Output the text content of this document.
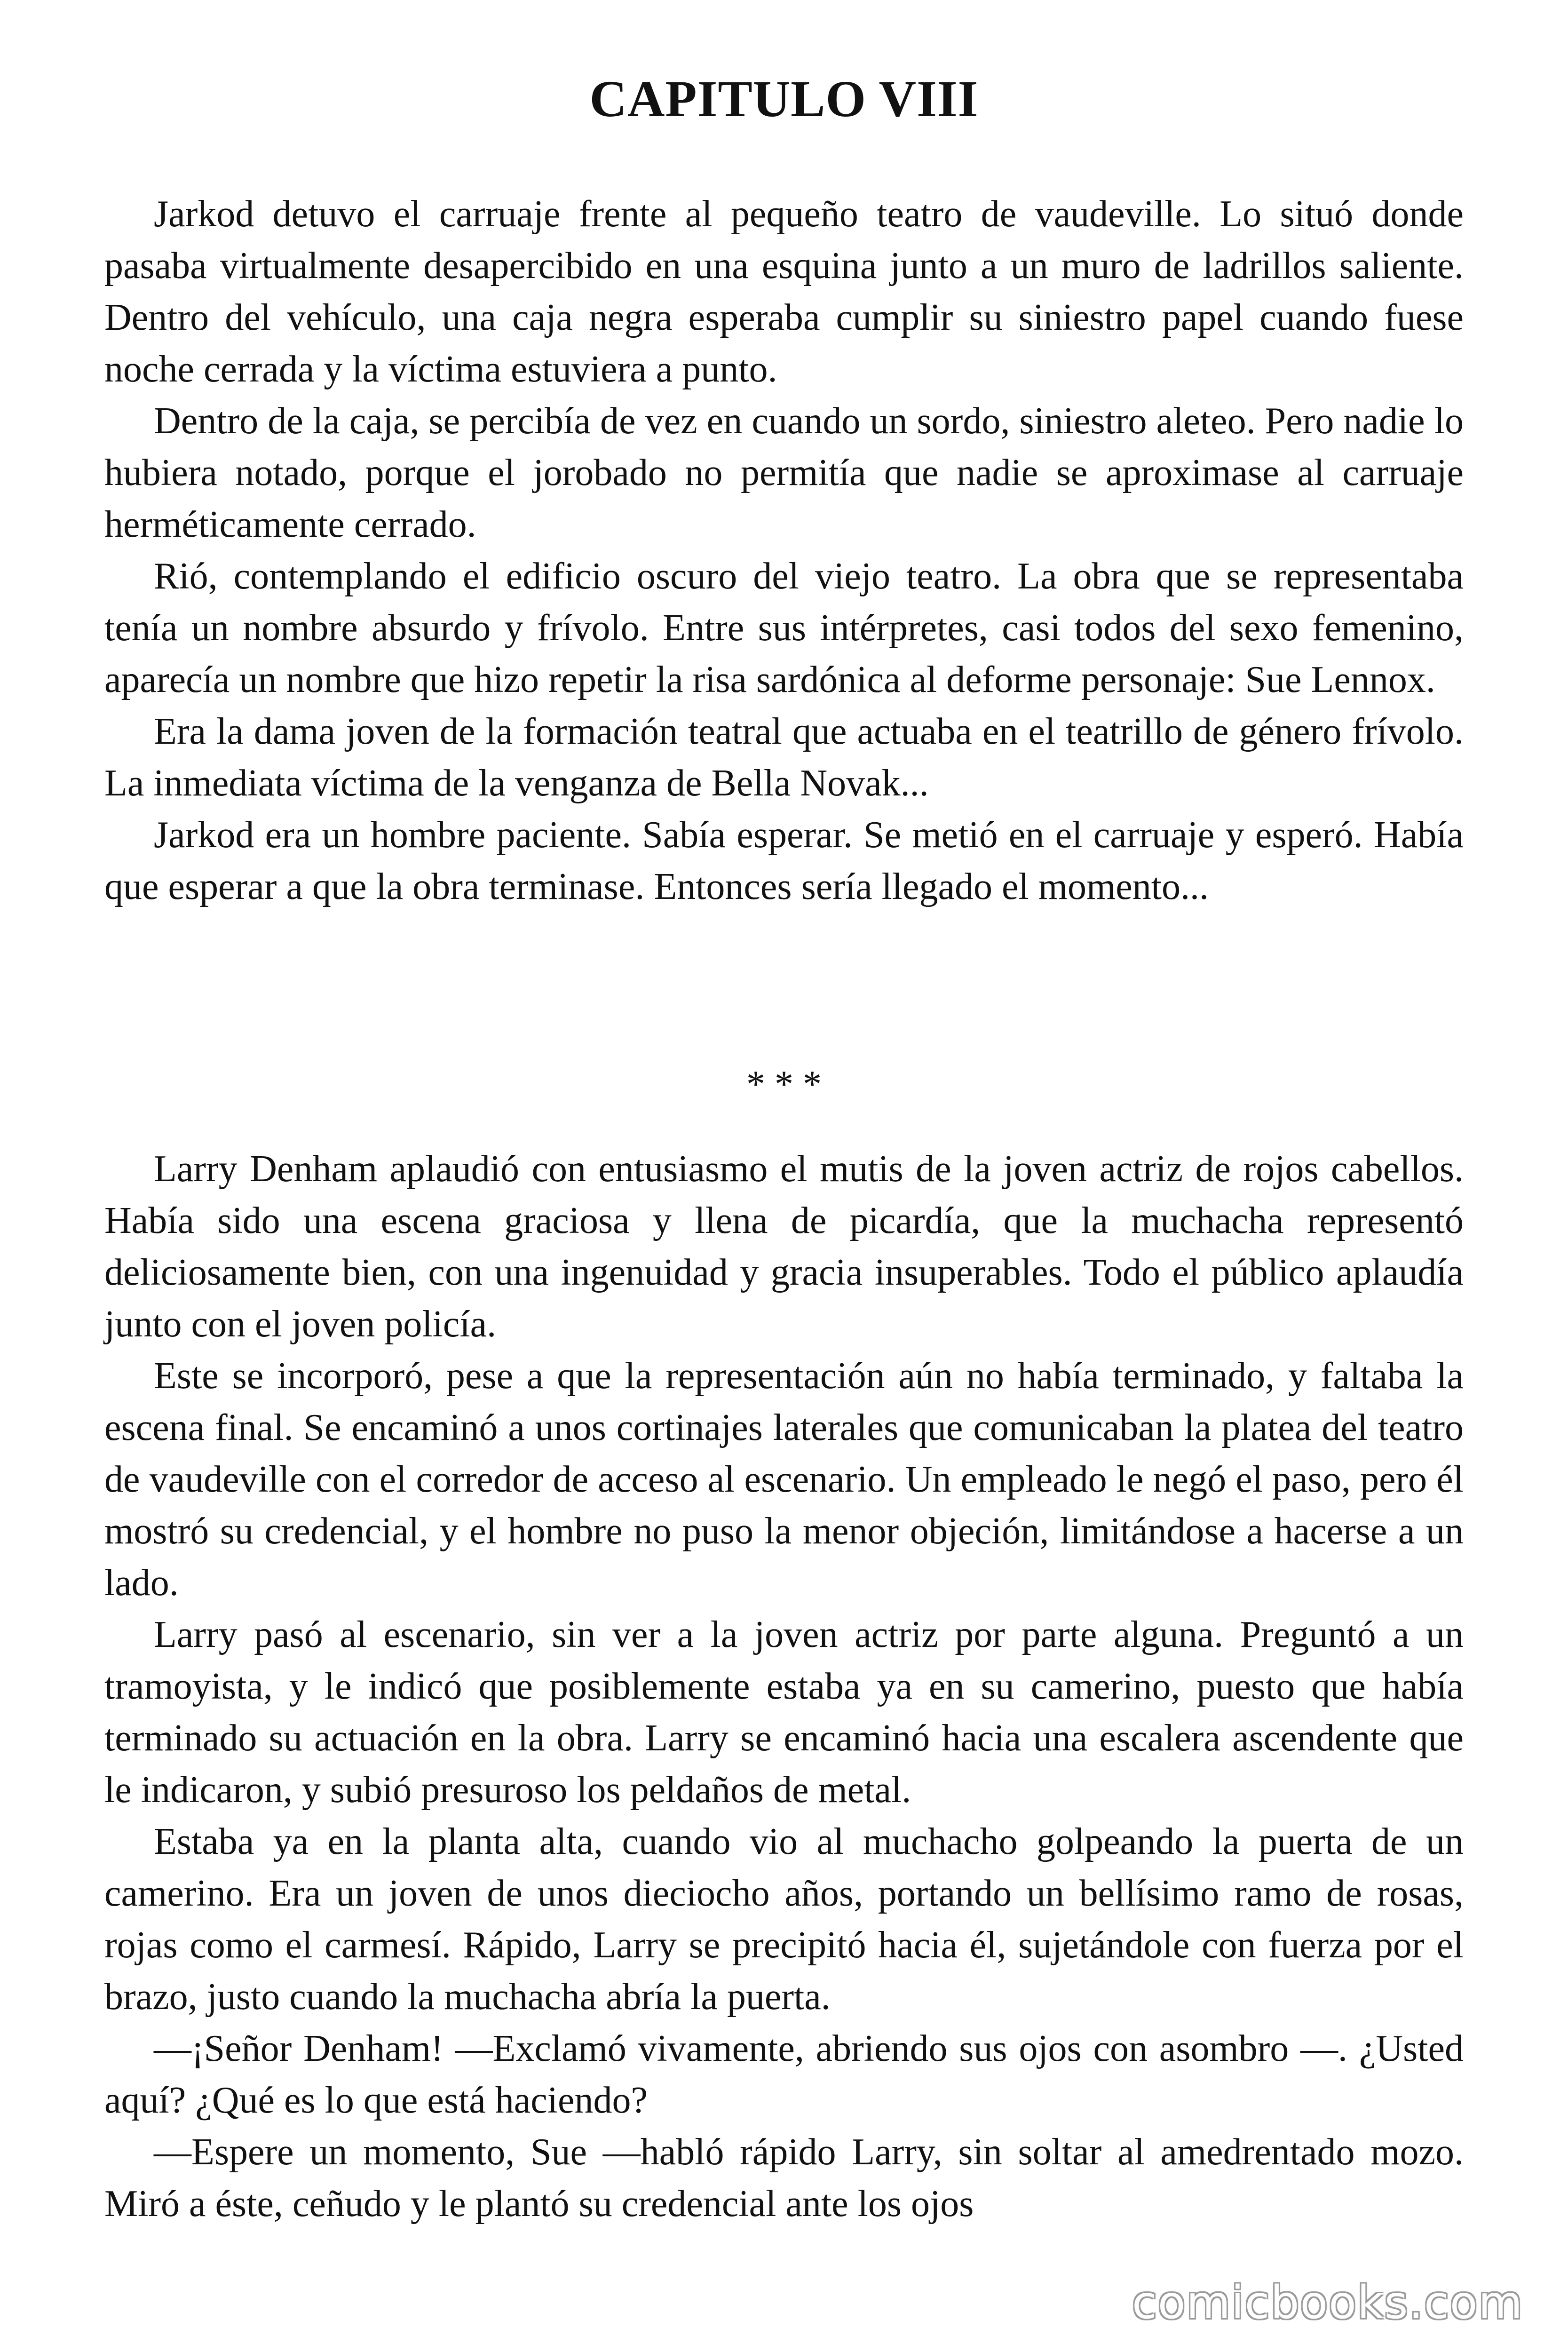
CAPITULO VIII

Jarkod detuvo el carruaje frente al pequeño teatro de vaudeville. Lo situó donde pasaba virtualmente desapercibido en una esquina junto a un muro de ladrillos saliente. Dentro del vehículo, una caja negra esperaba cumplir su siniestro papel cuando fuese noche cerrada y la víctima estuviera a punto.

Dentro de la caja, se percibía de vez en cuando un sordo, siniestro aleteo. Pero nadie lo hubiera notado, porque el jorobado no permitía que nadie se aproximase al carruaje herméticamente cerrado.

Rió, contemplando el edificio oscuro del viejo teatro. La obra que se representaba tenía un nombre absurdo y frívolo. Entre sus intérpretes, casi todos del sexo femenino, aparecía un nombre que hizo repetir la risa sardónica al deforme personaje: Sue Lennox.

Era la dama joven de la formación teatral que actuaba en el teatrillo de género frívolo. La inmediata víctima de la venganza de Bella Novak...

Jarkod era un hombre paciente. Sabía esperar. Se metió en el carruaje y esperó. Había que esperar a que la obra terminase. Entonces sería llegado el momento...

* * *

Larry Denham aplaudió con entusiasmo el mutis de la joven actriz de rojos cabellos. Había sido una escena graciosa y llena de picardía, que la muchacha representó deliciosamente bien, con una ingenuidad y gracia insuperables. Todo el público aplaudía junto con el joven policía.

Este se incorporó, pese a que la representación aún no había terminado, y faltaba la escena final. Se encaminó a unos cortinajes laterales que comunicaban la platea del teatro de vaudeville con el corredor de acceso al escenario. Un empleado le negó el paso, pero él mostró su credencial, y el hombre no puso la menor objeción, limitándose a hacerse a un lado.

Larry pasó al escenario, sin ver a la joven actriz por parte alguna. Preguntó a un tramoyista, y le indicó que posiblemente estaba ya en su camerino, puesto que había terminado su actuación en la obra. Larry se encaminó hacia una escalera ascendente que le indicaron, y subió presuroso los peldaños de metal.

Estaba ya en la planta alta, cuando vio al muchacho golpeando la puerta de un camerino. Era un joven de unos dieciocho años, portando un bellísimo ramo de rosas, rojas como el carmesí. Rápido, Larry se precipitó hacia él, sujetándole con fuerza por el brazo, justo cuando la muchacha abría la puerta.

—¡Señor Denham! —Exclamó vivamente, abriendo sus ojos con asombro —. ¿Usted aquí? ¿Qué es lo que está haciendo?

—Espere un momento, Sue —habló rápido Larry, sin soltar al amedrentado mozo. Miró a éste, ceñudo y le plantó su credencial ante los ojos

comicbooks.com
